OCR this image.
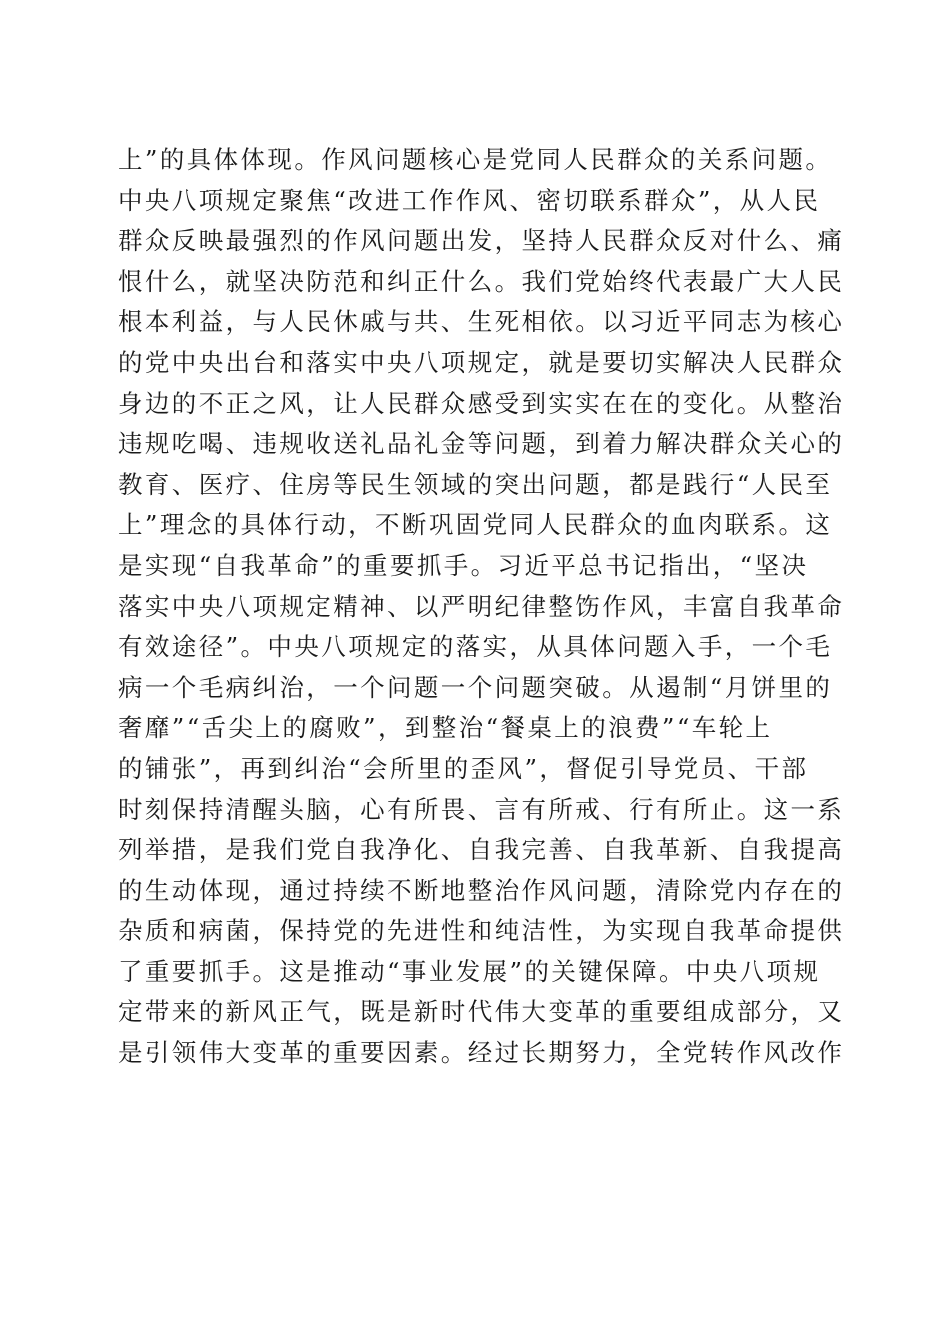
上”的具体体现。作风问题核心是党同人民群众的关系问题。
中央八项规定聚焦“改进工作作风、密切联系群众”，从人民
群众反映最强烈的作风问题出发，坚持人民群众反对什么、痛
恨什么，就坚决防范和纠正什么。我们党始终代表最广大人民
根本利益，与人民休戚与共、生死相依。以习近平同志为核心
的党中央出台和落实中央八项规定，就是要切实解决人民群众
身边的不正之风，让人民群众感受到实实在在的变化。从整治
违规吃喝、违规收送礼品礼金等问题，到着力解决群众关心的
教育、医疗、住房等民生领域的突出问题，都是践行“人民至
上”理念的具体行动，不断巩固党同人民群众的血肉联系。这
是实现“自我革命”的重要抓手。习近平总书记指出，“坚决
落实中央八项规定精神、以严明纪律整饬作风，丰富自我革命
有效途径”。中央八项规定的落实，从具体问题入手，一个毛
病一个毛病纠治，一个问题一个问题突破。从遏制“月饼里的
奢靡”“舌尖上的腐败”，到整治“餐桌上的浪费”“车轮上
的铺张”，再到纠治“会所里的歪风”，督促引导党员、干部
时刻保持清醒头脑，心有所畏、言有所戒、行有所止。这一系
列举措，是我们党自我净化、自我完善、自我革新、自我提高
的生动体现，通过持续不断地整治作风问题，清除党内存在的
杂质和病菌，保持党的先进性和纯洁性，为实现自我革命提供
了重要抓手。这是推动“事业发展”的关键保障。中央八项规
定带来的新风正气，既是新时代伟大变革的重要组成部分，又
是引领伟大变革的重要因素。经过长期努力，全党转作风改作
